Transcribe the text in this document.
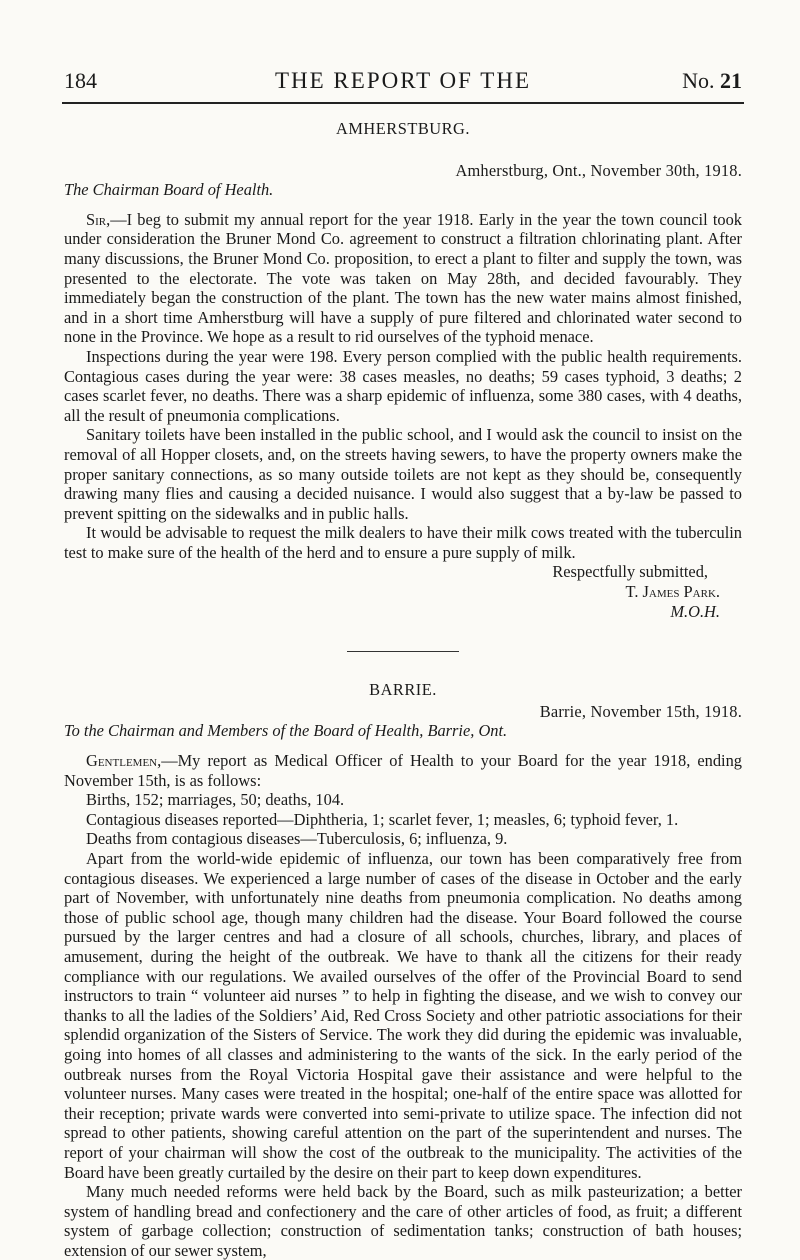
184	THE REPORT OF THE	No. 21

AMHERSTBURG.

Amherstburg, Ont., November 30th, 1918.

The Chairman Board of Health.

Sir,—I beg to submit my annual report for the year 1918. Early in the year the town council took under consideration the Bruner Mond Co. agreement to construct a filtration chlorinating plant. After many discussions, the Bruner Mond Co. proposition, to erect a plant to filter and supply the town, was presented to the electorate. The vote was taken on May 28th, and decided favourably. They immediately began the construction of the plant. The town has the new water mains almost finished, and in a short time Amherstburg will have a supply of pure filtered and chlorinated water second to none in the Province. We hope as a result to rid ourselves of the typhoid menace.

Inspections during the year were 198. Every person complied with the public health requirements. Contagious cases during the year were: 38 cases measles, no deaths; 59 cases typhoid, 3 deaths; 2 cases scarlet fever, no deaths. There was a sharp epidemic of influenza, some 380 cases, with 4 deaths, all the result of pneumonia complications.

Sanitary toilets have been installed in the public school, and I would ask the council to insist on the removal of all Hopper closets, and, on the streets having sewers, to have the property owners make the proper sanitary connections, as so many outside toilets are not kept as they should be, consequently drawing many flies and causing a decided nuisance. I would also suggest that a by-law be passed to prevent spitting on the sidewalks and in public halls.

It would be advisable to request the milk dealers to have their milk cows treated with the tuberculin test to make sure of the health of the herd and to ensure a pure supply of milk.

Respectfully submitted,

T. James Park.

M.O.H.

BARRIE.

Barrie, November 15th, 1918.

To the Chairman and Members of the Board of Health, Barrie, Ont.

Gentlemen,—My report as Medical Officer of Health to your Board for the year 1918, ending November 15th, is as follows:

Births, 152; marriages, 50; deaths, 104.

Contagious diseases reported—Diphtheria, 1; scarlet fever, 1; measles, 6; typhoid fever, 1.

Deaths from contagious diseases—Tuberculosis, 6; influenza, 9.

Apart from the world-wide epidemic of influenza, our town has been comparatively free from contagious diseases. We experienced a large number of cases of the disease in October and the early part of November, with unfortunately nine deaths from pneumonia complication. No deaths among those of public school age, though many children had the disease. Your Board followed the course pursued by the larger centres and had a closure of all schools, churches, library, and places of amusement, during the height of the outbreak. We have to thank all the citizens for their ready compliance with our regulations. We availed ourselves of the offer of the Provincial Board to send instructors to train “ volunteer aid nurses ” to help in fighting the disease, and we wish to convey our thanks to all the ladies of the Soldiers’ Aid, Red Cross Society and other patriotic associations for their splendid organization of the Sisters of Service. The work they did during the epidemic was invaluable, going into homes of all classes and administering to the wants of the sick. In the early period of the outbreak nurses from the Royal Victoria Hospital gave their assistance and were helpful to the volunteer nurses. Many cases were treated in the hospital; one-half of the entire space was allotted for their reception; private wards were converted into semi-private to utilize space. The infection did not spread to other patients, showing careful attention on the part of the superintendent and nurses. The report of your chairman will show the cost of the outbreak to the municipality. The activities of the Board have been greatly curtailed by the desire on their part to keep down expenditures.

Many much needed reforms were held back by the Board, such as milk pasteurization; a better system of handling bread and confectionery and the care of other articles of food, as fruit; a different system of garbage collection; construction of sedimentation tanks; construction of bath houses; extension of our sewer system,
